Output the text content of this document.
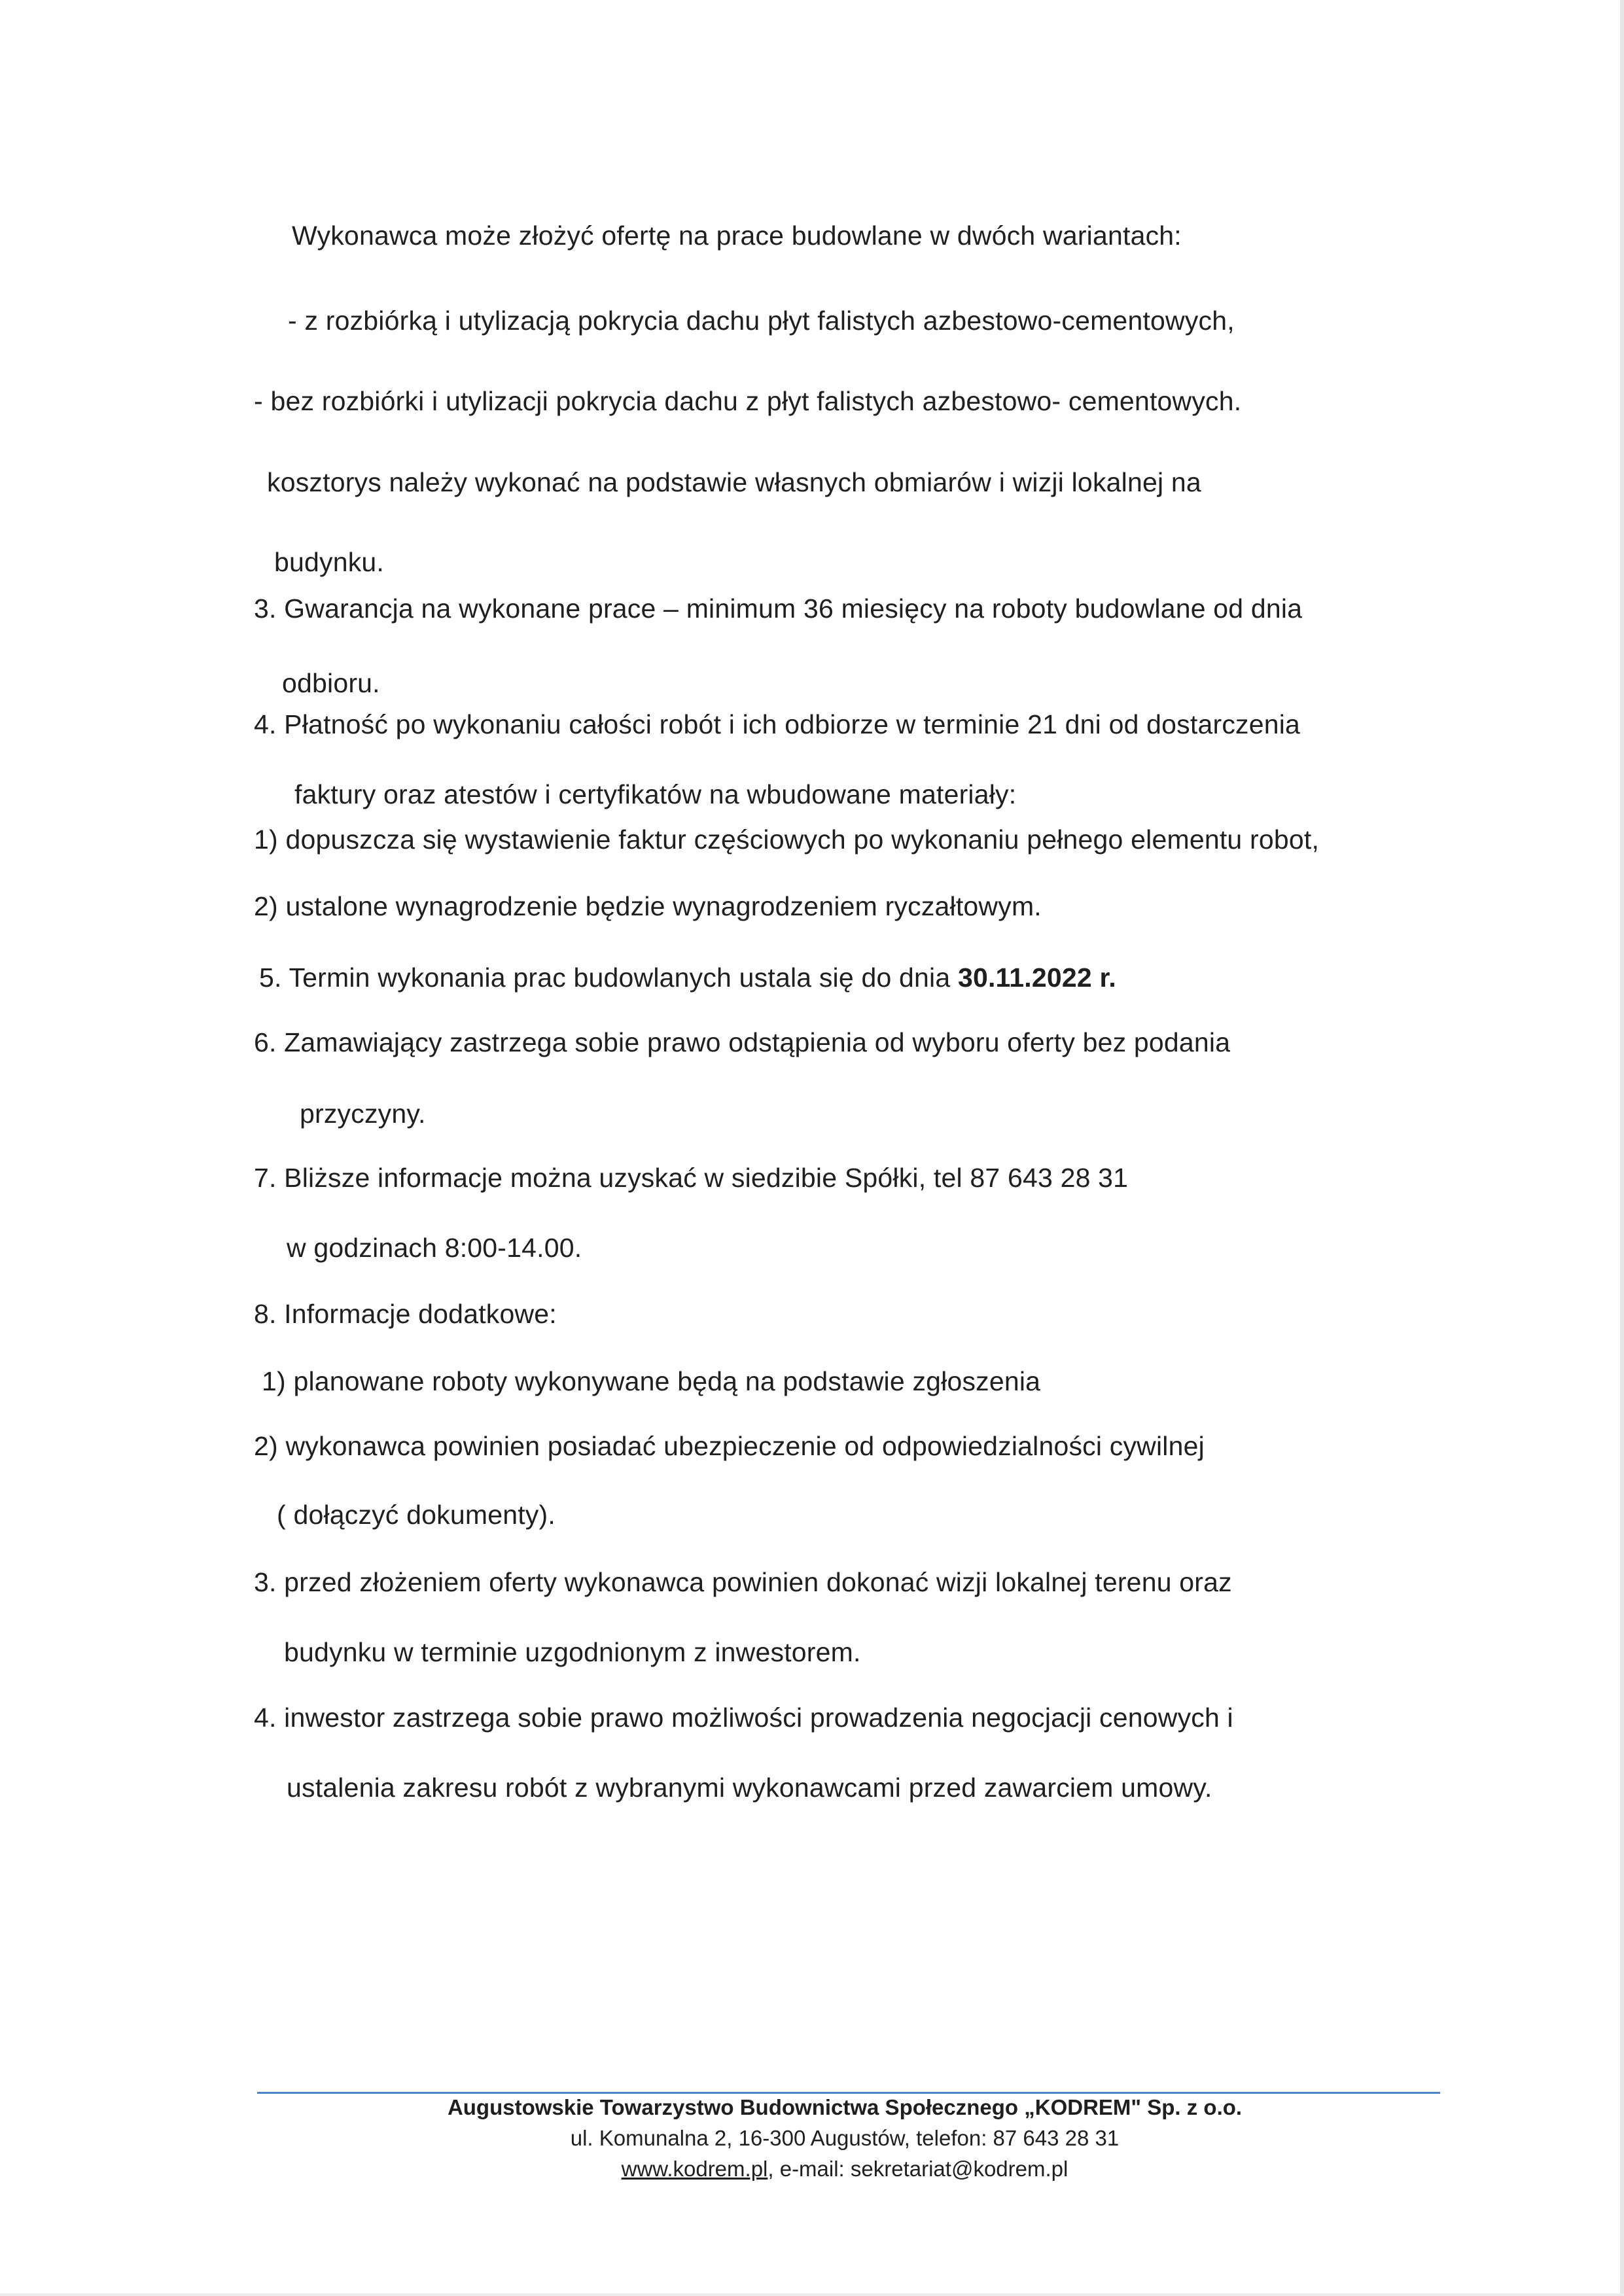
Wykonawca może złożyć ofertę na prace budowlane w dwóch wariantach:
- z rozbiórką i utylizacją pokrycia dachu płyt falistych azbestowo-cementowych,
- bez rozbiórki i utylizacji pokrycia dachu z płyt falistych azbestowo- cementowych.
kosztorys należy wykonać na podstawie własnych obmiarów i wizji lokalnej na
budynku.
3. Gwarancja na wykonane prace – minimum 36 miesięcy na roboty budowlane od dnia
odbioru.
4. Płatność po wykonaniu całości robót i ich odbiorze w terminie 21 dni od dostarczenia
faktury oraz atestów i certyfikatów na wbudowane materiały:
1) dopuszcza się wystawienie faktur częściowych po wykonaniu pełnego elementu robot,
2) ustalone wynagrodzenie będzie wynagrodzeniem ryczałtowym.
5. Termin wykonania prac budowlanych ustala się do dnia 30.11.2022 r.
6. Zamawiający zastrzega sobie prawo odstąpienia od wyboru oferty bez podania
przyczyny.
7. Bliższe informacje można uzyskać w siedzibie Spółki, tel 87 643 28 31
w godzinach 8:00-14.00.
8. Informacje dodatkowe:
1) planowane roboty wykonywane będą na podstawie zgłoszenia
2) wykonawca powinien posiadać ubezpieczenie od odpowiedzialności cywilnej
( dołączyć dokumenty).
3. przed złożeniem oferty wykonawca powinien dokonać wizji lokalnej terenu oraz
budynku w terminie uzgodnionym z inwestorem.
4. inwestor zastrzega sobie prawo możliwości prowadzenia negocjacji cenowych i
ustalenia zakresu robót z wybranymi wykonawcami przed zawarciem umowy.
Augustowskie Towarzystwo Budownictwa Społecznego „KODREM" Sp. z o.o.
ul. Komunalna 2, 16-300 Augustów, telefon: 87 643 28 31
www.kodrem.pl, e-mail: sekretariat@kodrem.pl
